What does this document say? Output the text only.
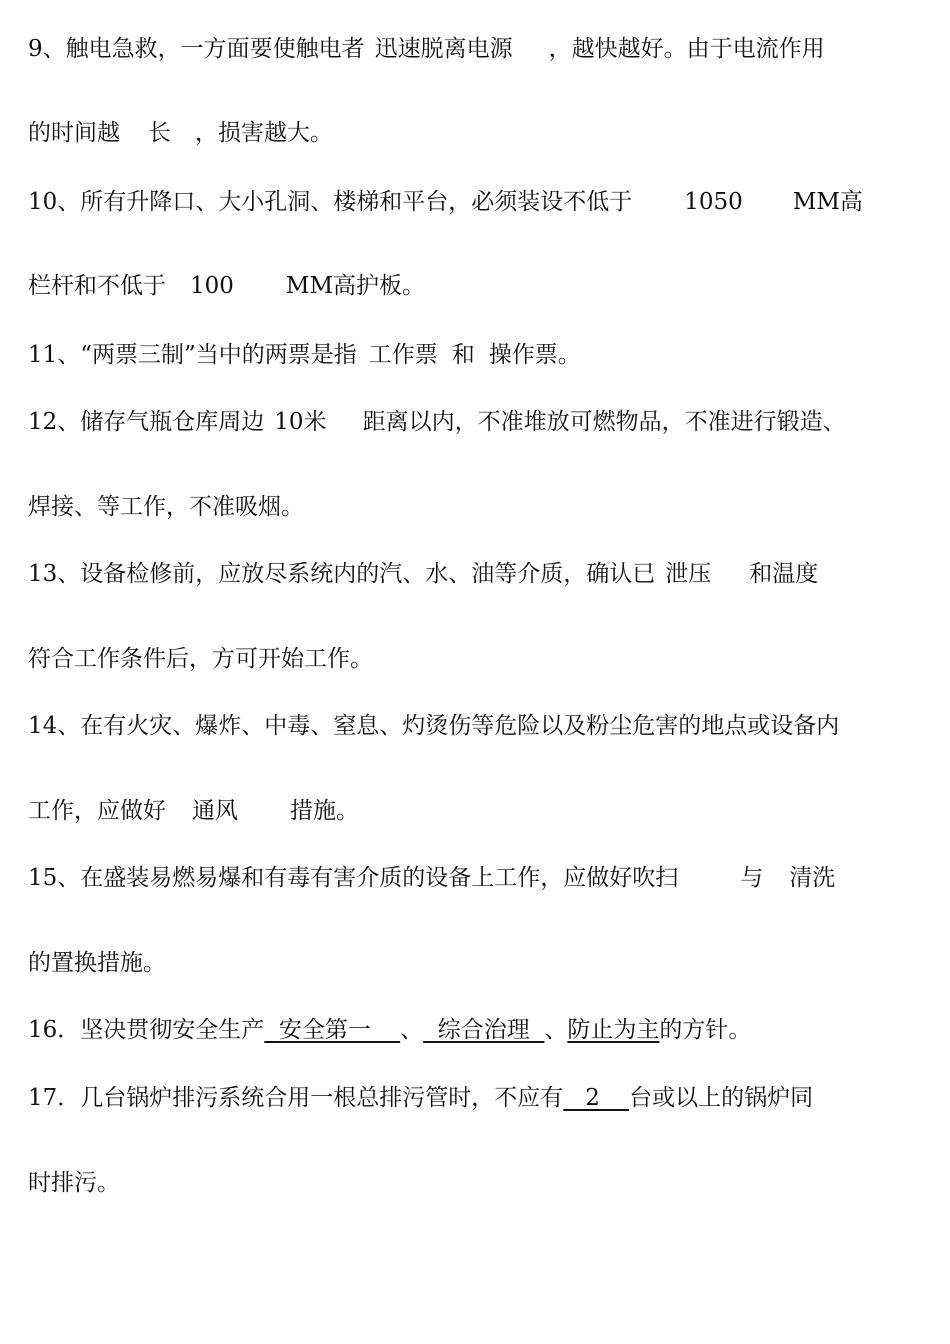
9、触电急救，一方面要使触电者 迅速脱离电源 ，越快越好。由于电流作用
的时间越 长 ，损害越大。
10、所有升降口、大小孔洞、楼梯和平台，必须装设不低于 1050 MM高
栏杆和不低于 100 MM高护板。
11、“两票三制”当中的两票是指 工作票 和 操作票。
12、储存气瓶仓库周边 10米 距离以内，不准堆放可燃物品，不准进行锻造、
焊接、等工作，不准吸烟。
13、设备检修前，应放尽系统内的汽、水、油等介质，确认已 泄压 和温度
符合工作条件后，方可开始工作。
14、在有火灾、爆炸、中毒、窒息、灼烫伤等危险以及粉尘危害的地点或设备内
工作，应做好 通风 措施。
15、在盛装易燃易爆和有毒有害介质的设备上工作，应做好吹扫	与 清洗
的置换措施。
16．坚决贯彻安全生产  安全第一    、  综合治理  、防止为主的方针。
17．几台锅炉排污系统合用一根总排污管时，不应有   2    台或以上的锅炉同
时排污。
